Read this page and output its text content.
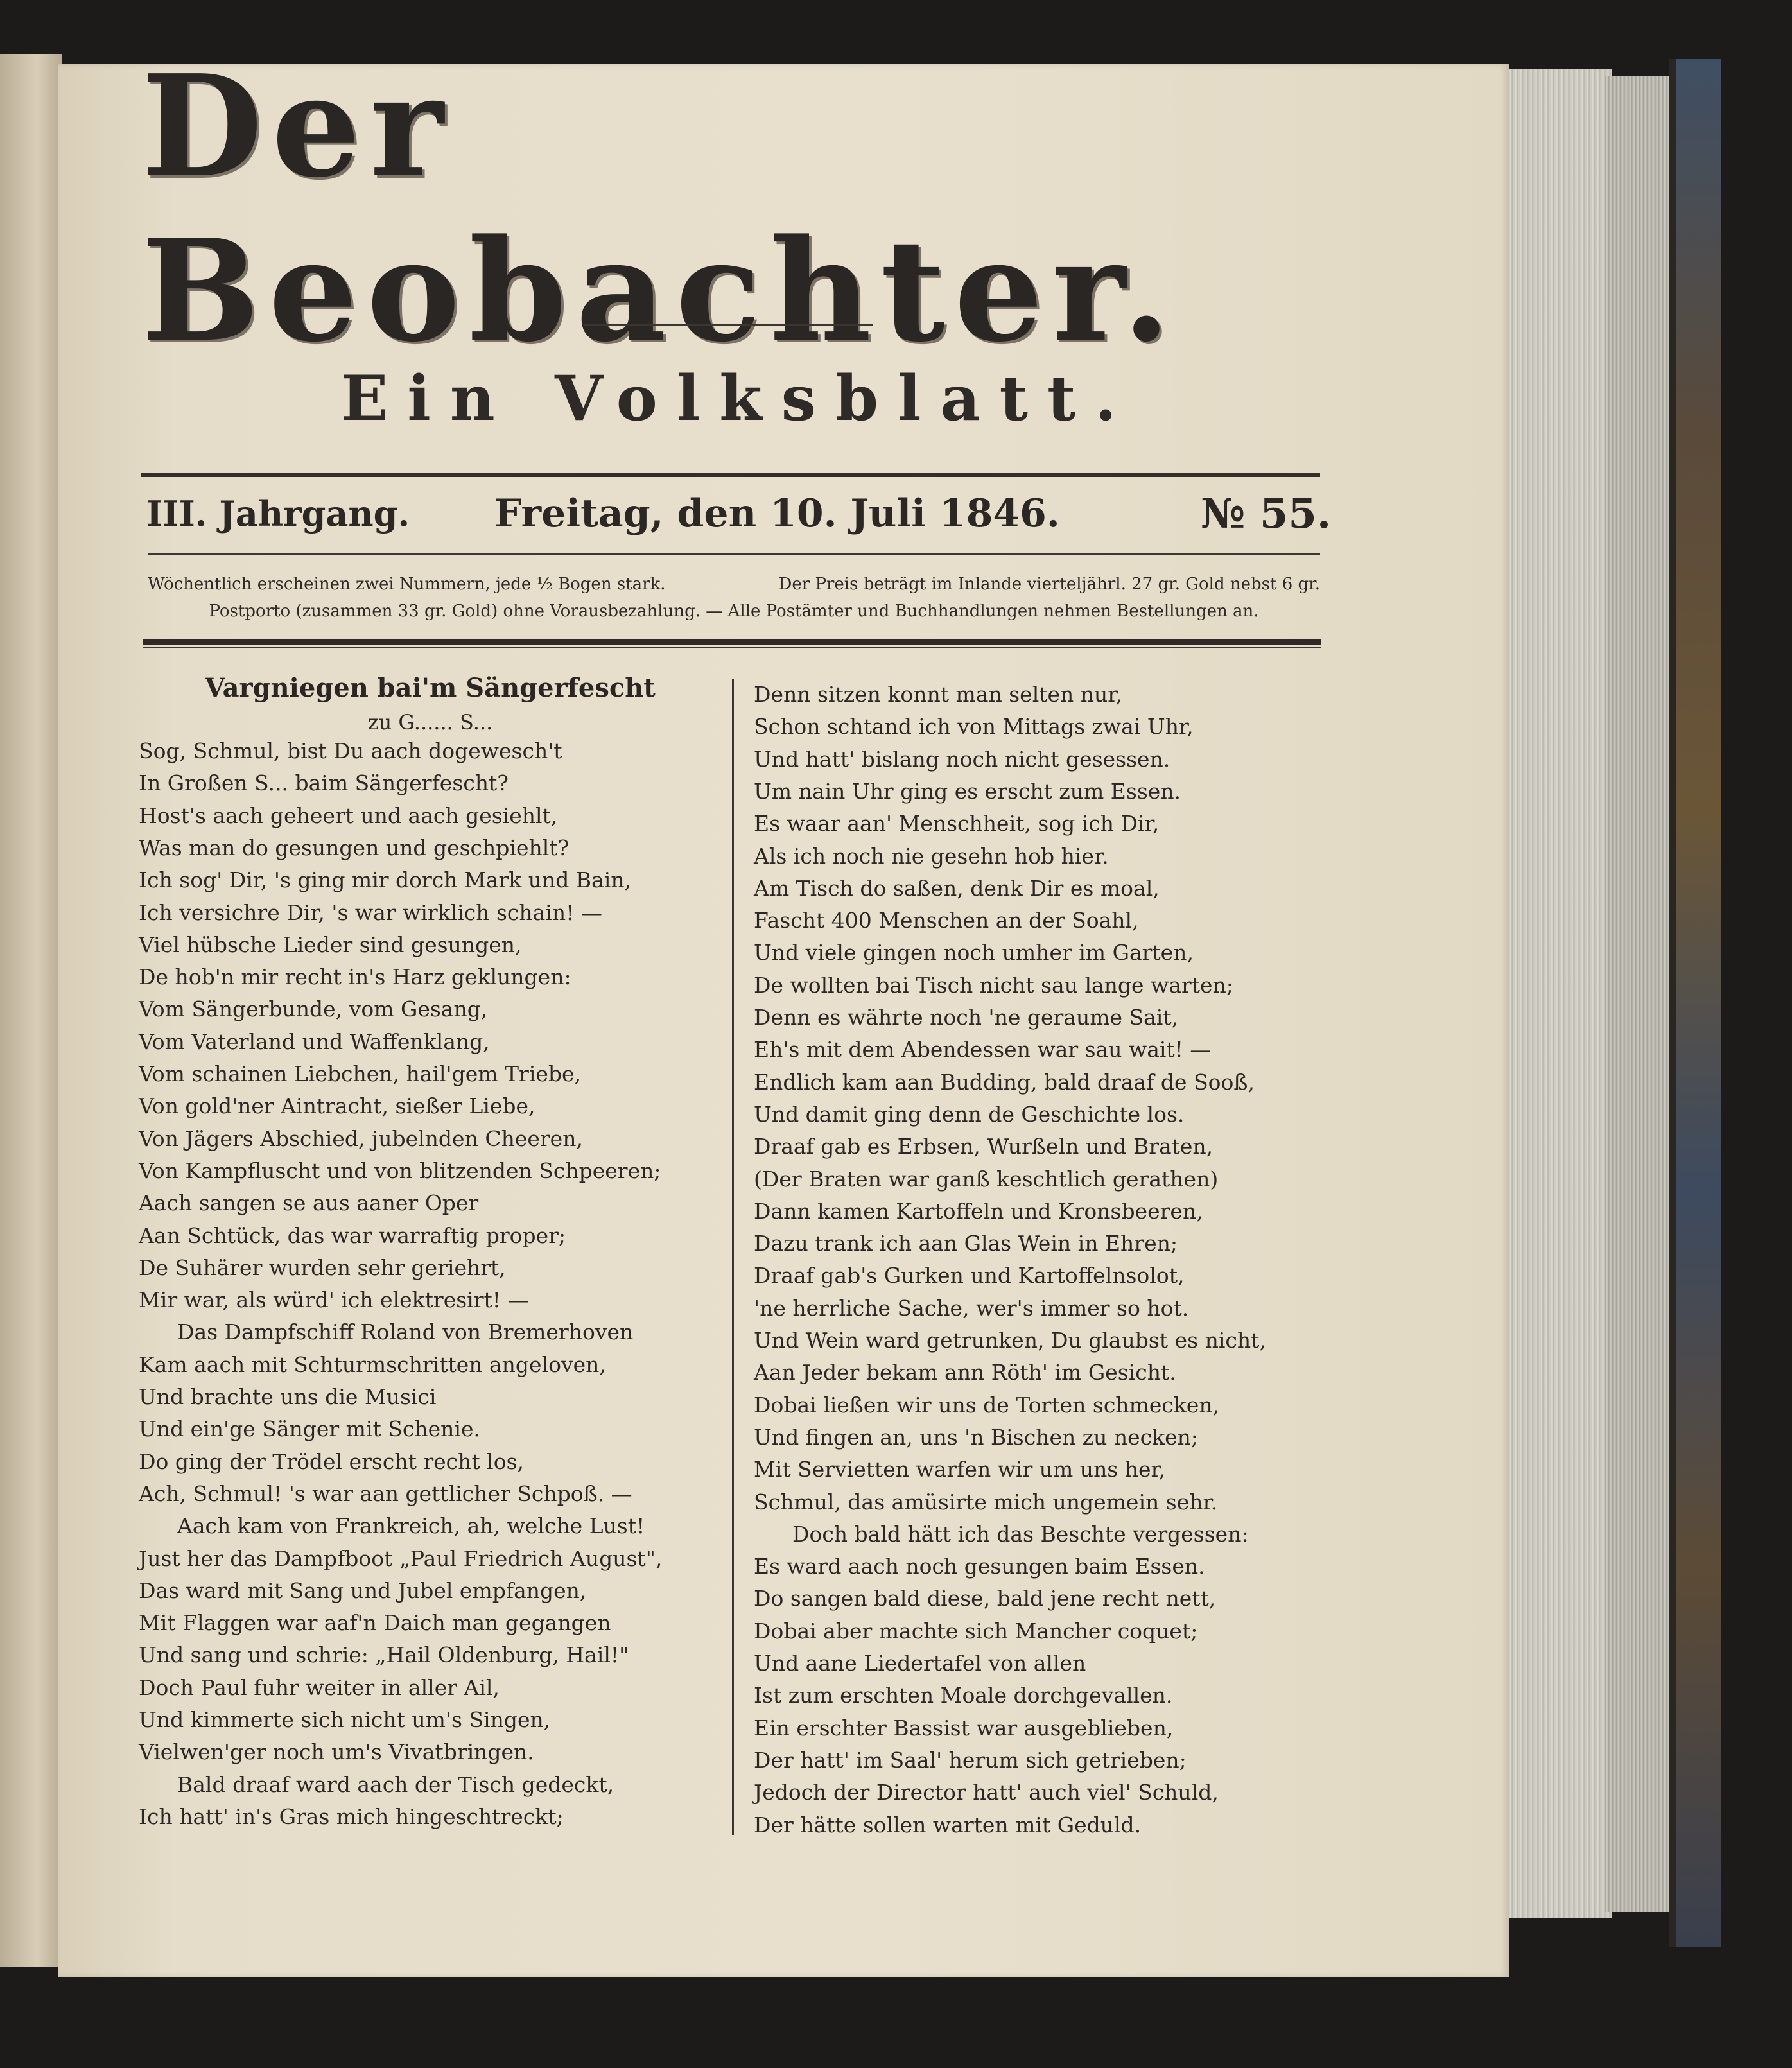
Ein Volksblatt.
III. Jahrgang. Freitag, den 10. Juli 1846.	№ 55.
Wöchentlich erscheinen zwei Nummern, jede ½ Bogen stark.	Der Preis beträgt im Inlande vierteljährl. 27 gr. Gold nebst 6 gr.
Postporto (zusammen 33 gr. Gold) ohne Vorausbezahlung. — Alle Postämter und Buchhandlungen nehmen Bestellungen an.
Vargniegen bai'm Sängerfescht
zu G...... S...
Sog, Schmul, bist Du aach dogewesch't
In Großen S... baim Sängerfescht?
Host's aach geheert und aach gesiehlt,
Was man do gesungen und geschpiehlt?
Ich sog' Dir, 's ging mir dorch Mark und Bain,
Ich versichre Dir, 's war wirklich schain! —
Viel hübsche Lieder sind gesungen,
De hob'n mir recht in's Harz geklungen:
Vom Sängerbunde, vom Gesang,
Vom Vaterland und Waffenklang,
Vom schainen Liebchen, hail'gem Triebe,
Von gold'ner Aintracht, sießer Liebe,
Von Jägers Abschied, jubelnden Cheeren,
Von Kampfluscht und von blitzenden Schpeeren;
Aach sangen se aus aaner Oper
Aan Schtück, das war warraftig proper;
De Suhärer wurden sehr geriehrt,
Mir war, als würd' ich elektresirt! —
Das Dampfschiff Roland von Bremerhoven
Kam aach mit Schturmschritten angeloven,
Und brachte uns die Musici
Und ein'ge Sänger mit Schenie.
Do ging der Trödel erscht recht los,
Ach, Schmul! 's war aan gettlicher Schpoß. —
Aach kam von Frankreich, ah, welche Lust!
Just her das Dampfboot „Paul Friedrich August",
Das ward mit Sang und Jubel empfangen,
Mit Flaggen war aaf'n Daich man gegangen
Und sang und schrie: „Hail Oldenburg, Hail!"
Doch Paul fuhr weiter in aller Ail,
Und kimmerte sich nicht um's Singen,
Vielwen'ger noch um's Vivatbringen.
Bald draaf ward aach der Tisch gedeckt,
Ich hatt' in's Gras mich hingeschtreckt;
Denn sitzen konnt man selten nur,
Schon schtand ich von Mittags zwai Uhr,
Und hatt' bislang noch nicht gesessen.
Um nain Uhr ging es erscht zum Essen.
Es waar aan' Menschheit, sog ich Dir,
Als ich noch nie gesehn hob hier.
Am Tisch do saßen, denk Dir es moal,
Fascht 400 Menschen an der Soahl,
Und viele gingen noch umher im Garten,
De wollten bai Tisch nicht sau lange warten;
Denn es währte noch 'ne geraume Sait,
Eh's mit dem Abendessen war sau wait! —
Endlich kam aan Budding, bald draaf de Sooß,
Und damit ging denn de Geschichte los.
Draaf gab es Erbsen, Wurßeln und Braten,
(Der Braten war ganß keschtlich gerathen)
Dann kamen Kartoffeln und Kronsbeeren,
Dazu trank ich aan Glas Wein in Ehren;
Draaf gab's Gurken und Kartoffelnsolot,
'ne herrliche Sache, wer's immer so hot.
Und Wein ward getrunken, Du glaubst es nicht,
Aan Jeder bekam ann Röth' im Gesicht.
Dobai ließen wir uns de Torten schmecken,
Und fingen an, uns 'n Bischen zu necken;
Mit Servietten warfen wir um uns her,
Schmul, das amüsirte mich ungemein sehr.
Doch bald hätt ich das Beschte vergessen:
Es ward aach noch gesungen baim Essen.
Do sangen bald diese, bald jene recht nett,
Dobai aber machte sich Mancher coquet;
Und aane Liedertafel von allen
Ist zum erschten Moale dorchgevallen.
Ein erschter Bassist war ausgeblieben,
Der hatt' im Saal' herum sich getrieben;
Jedoch der Director hatt' auch viel' Schuld,
Der hätte sollen warten mit Geduld.
